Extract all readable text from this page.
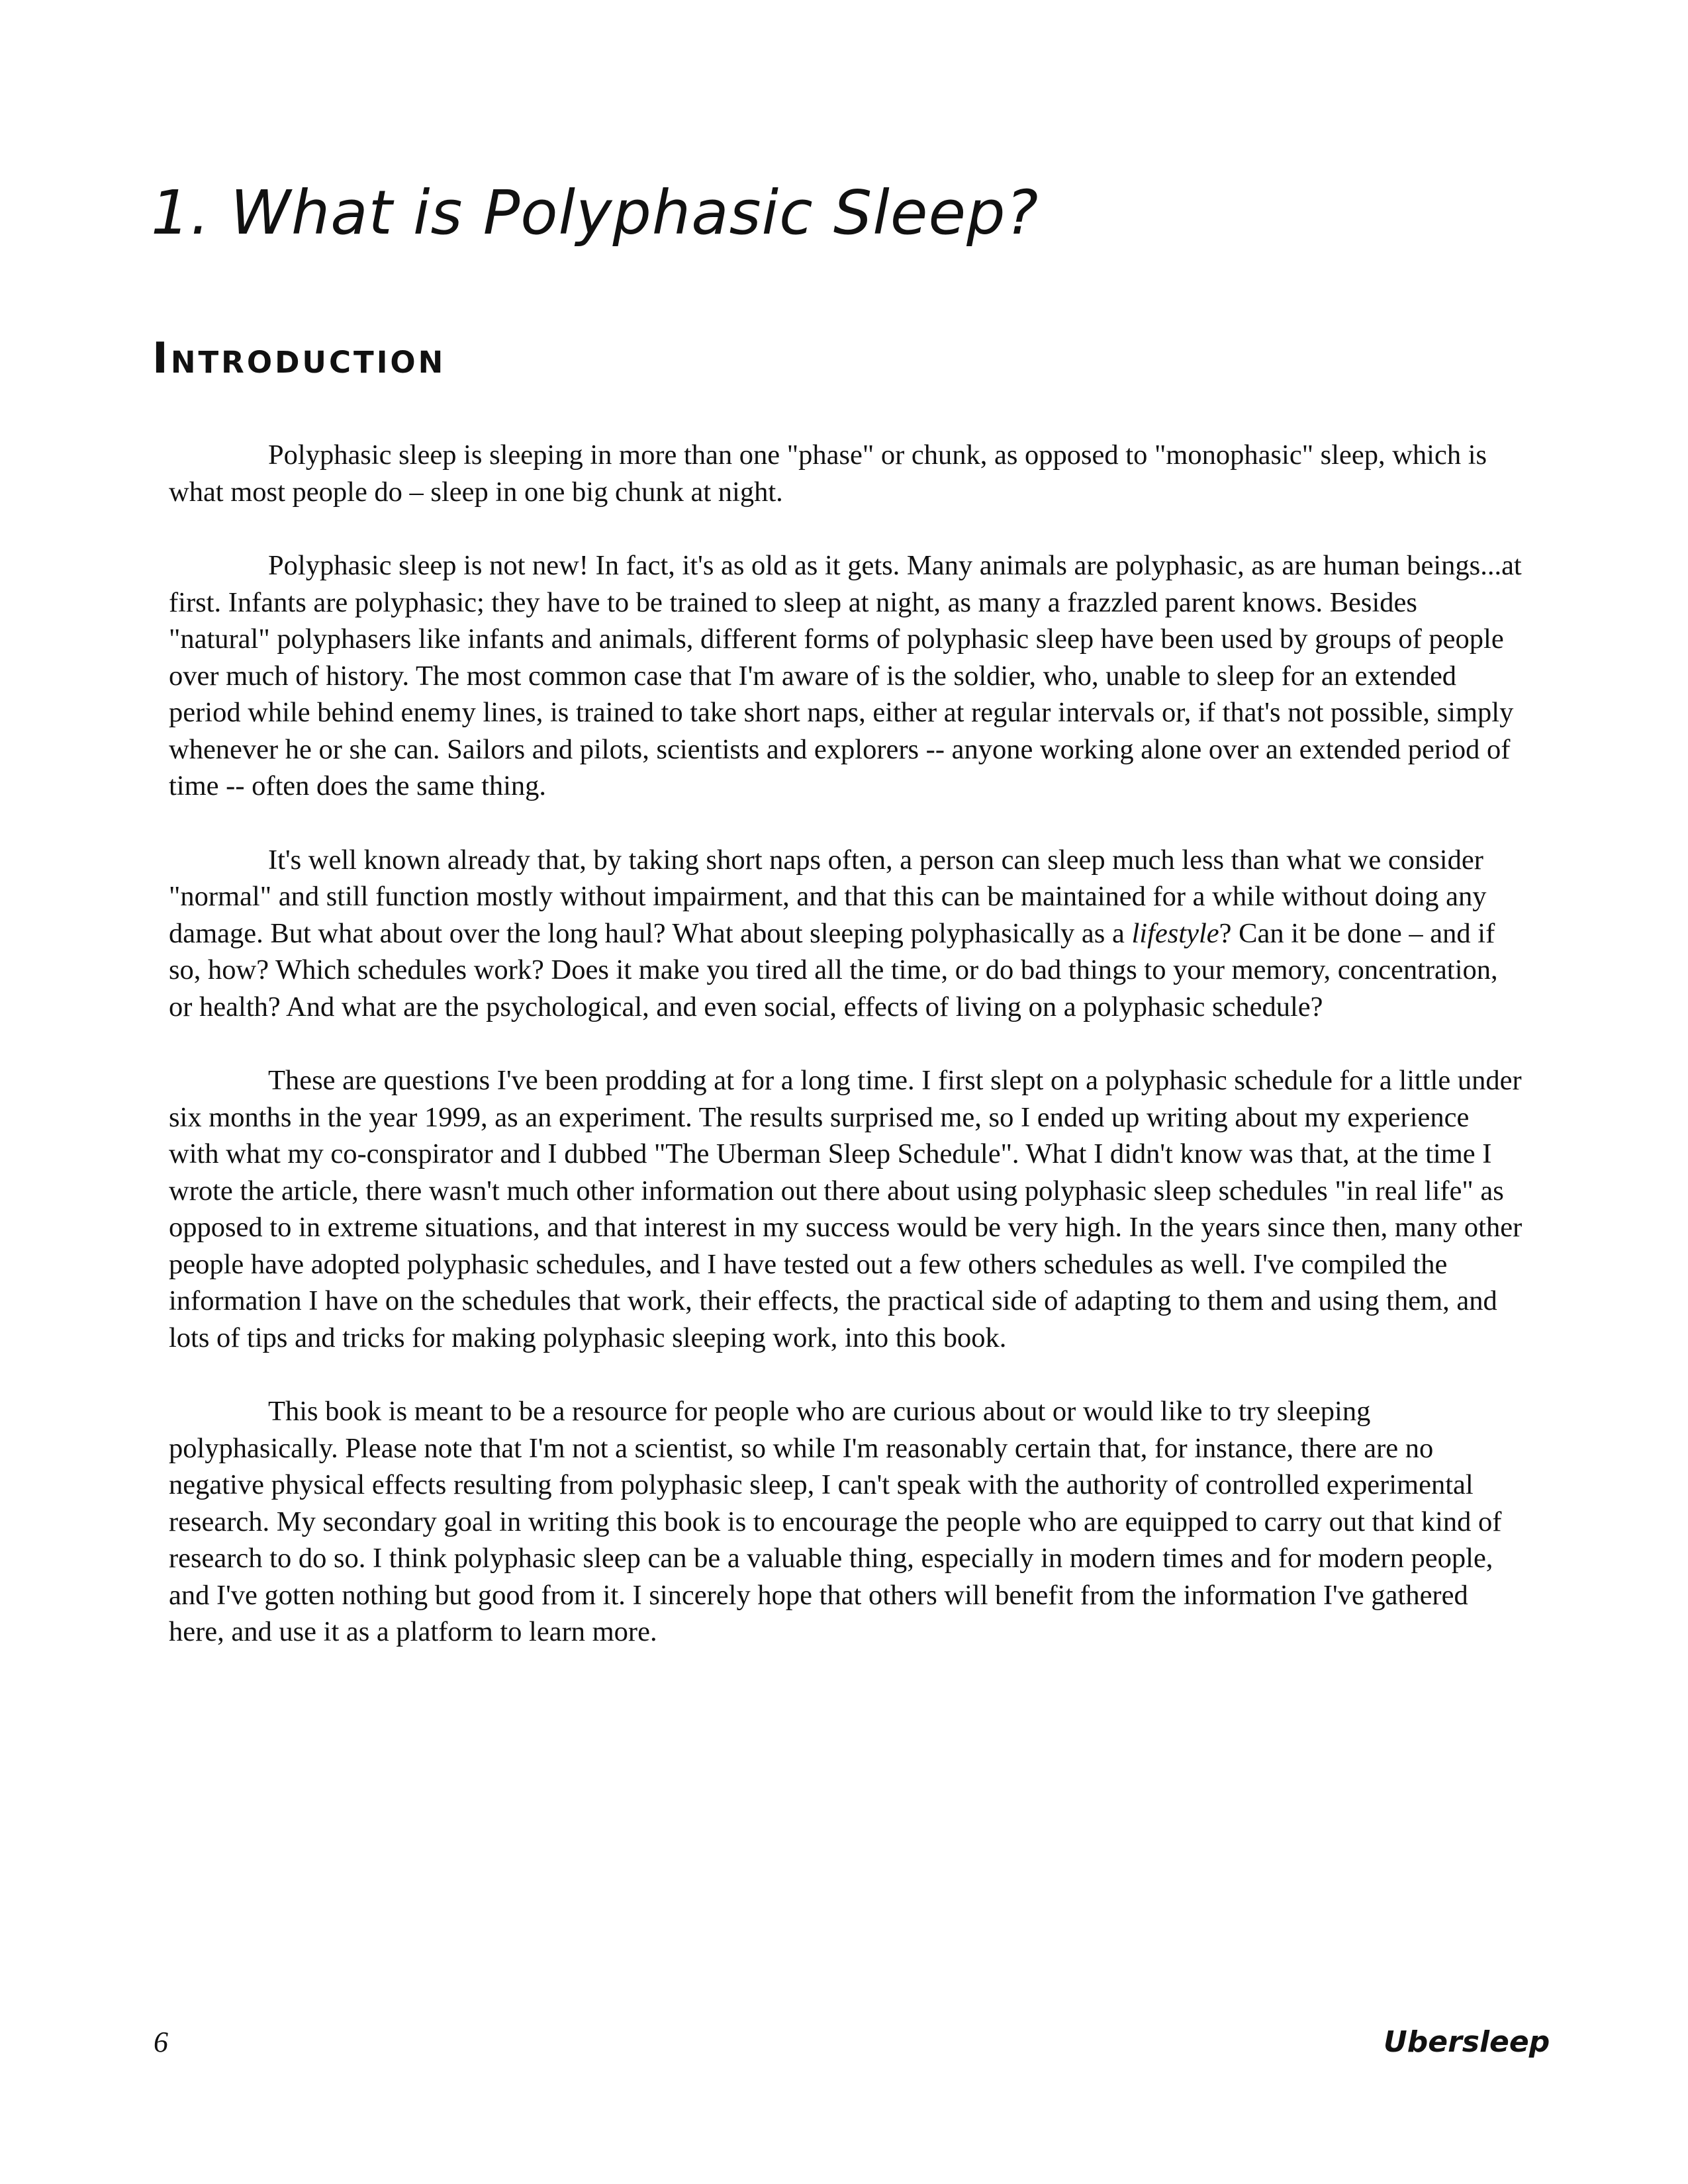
1. What is Polyphasic Sleep?
Introduction

Polyphasic sleep is sleeping in more than one "phase" or chunk, as opposed to "monophasic" sleep, which is what most people do – sleep in one big chunk at night.

Polyphasic sleep is not new! In fact, it's as old as it gets. Many animals are polyphasic, as are human beings...at first. Infants are polyphasic; they have to be trained to sleep at night, as many a frazzled parent knows. Besides "natural" polyphasers like infants and animals, different forms of polyphasic sleep have been used by groups of people over much of history. The most common case that I'm aware of is the soldier, who, unable to sleep for an extended period while behind enemy lines, is trained to take short naps, either at regular intervals or, if that's not possible, simply whenever he or she can. Sailors and pilots, scientists and explorers -- anyone working alone over an extended period of time -- often does the same thing.

It's well known already that, by taking short naps often, a person can sleep much less than what we consider "normal" and still function mostly without impairment, and that this can be maintained for a while without doing any damage. But what about over the long haul? What about sleeping polyphasically as a lifestyle? Can it be done – and if so, how? Which schedules work? Does it make you tired all the time, or do bad things to your memory, concentration, or health? And what are the psychological, and even social, effects of living on a polyphasic schedule?

These are questions I've been prodding at for a long time. I first slept on a polyphasic schedule for a little under six months in the year 1999, as an experiment. The results surprised me, so I ended up writing about my experience with what my co-conspirator and I dubbed "The Uberman Sleep Schedule". What I didn't know was that, at the time I wrote the article, there wasn't much other information out there about using polyphasic sleep schedules "in real life" as opposed to in extreme situations, and that interest in my success would be very high. In the years since then, many other people have adopted polyphasic schedules, and I have tested out a few others schedules as well. I've compiled the information I have on the schedules that work, their effects, the practical side of adapting to them and using them, and lots of tips and tricks for making polyphasic sleeping work, into this book.

This book is meant to be a resource for people who are curious about or would like to try sleeping polyphasically. Please note that I'm not a scientist, so while I'm reasonably certain that, for instance, there are no negative physical effects resulting from polyphasic sleep, I can't speak with the authority of controlled experimental research. My secondary goal in writing this book is to encourage the people who are equipped to carry out that kind of research to do so. I think polyphasic sleep can be a valuable thing, especially in modern times and for modern people, and I've gotten nothing but good from it. I sincerely hope that others will benefit from the information I've gathered here, and use it as a platform to learn more.

6	Ubersleep
